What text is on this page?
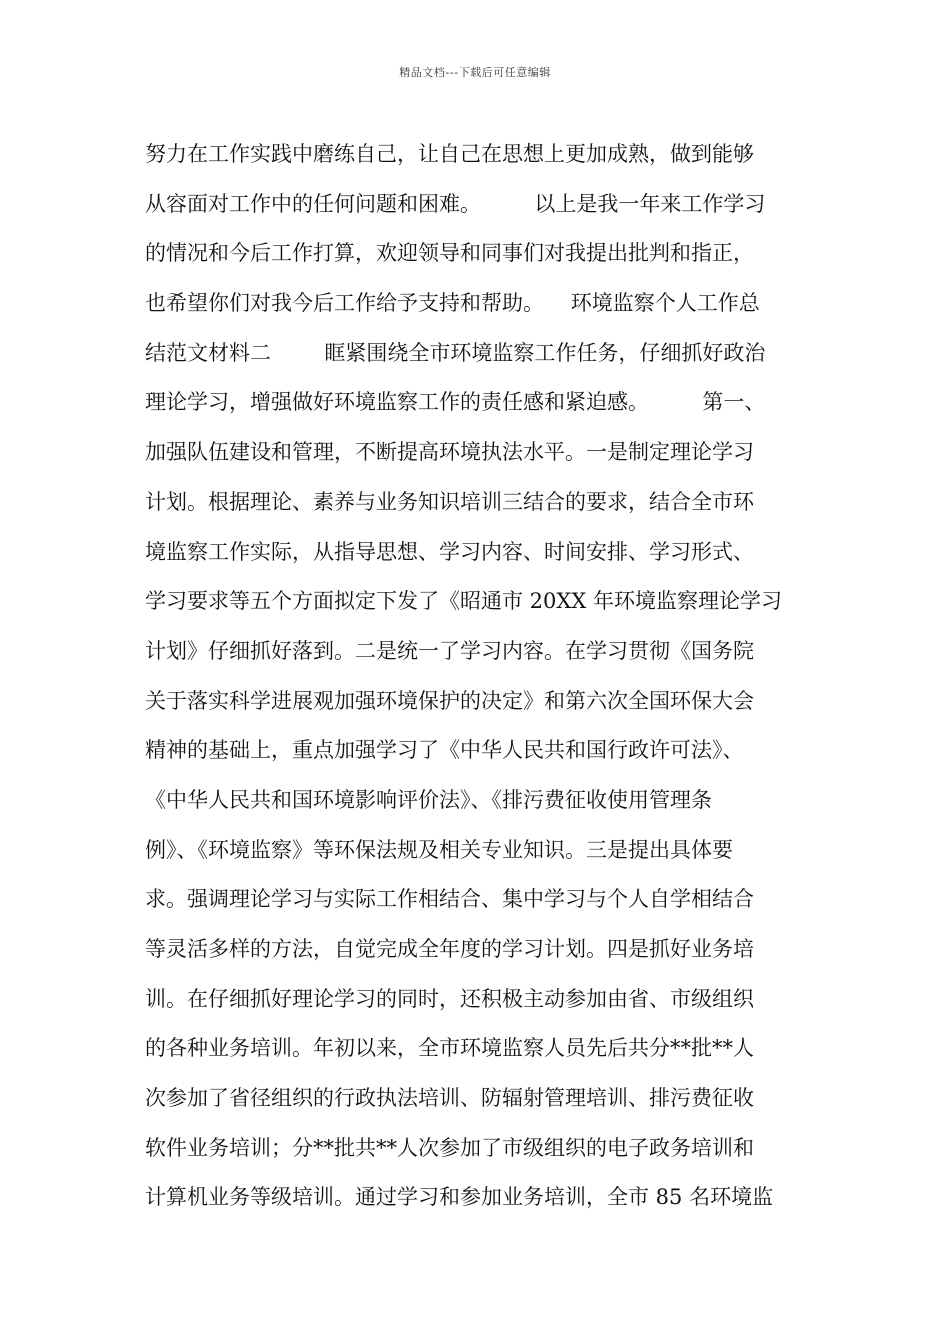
精品文档---下载后可任意编辑
努力在工作实践中磨练自己，让自己在思想上更加成熟，做到能够
从容面对工作中的任何问题和困难。        以上是我一年来工作学习
的情况和今后工作打算，欢迎领导和同事们对我提出批判和指正，
也希望你们对我今后工作给予支持和帮助。    环境监察个人工作总
结范文材料二        眶紧围绕全市环境监察工作任务，仔细抓好政治
理论学习，增强做好环境监察工作的责任感和紧迫感。        第一、
加强队伍建设和管理，不断提高环境执法水平。一是制定理论学习
计划。根据理论、素养与业务知识培训三结合的要求，结合全市环
境监察工作实际，从指导思想、学习内容、时间安排、学习形式、
学习要求等五个方面拟定下发了《昭通市 20XX 年环境监察理论学习
计划》仔细抓好落到。二是统一了学习内容。在学习贯彻《国务院
关于落实科学进展观加强环境保护的决定》和第六次全国环保大会
精神的基础上，重点加强学习了《中华人民共和国行政许可法》、
《中华人民共和国环境影响评价法》、《排污费征收使用管理条
例》、《环境监察》等环保法规及相关专业知识。三是提出具体要
求。强调理论学习与实际工作相结合、集中学习与个人自学相结合
等灵活多样的方法，自觉完成全年度的学习计划。四是抓好业务培
训。在仔细抓好理论学习的同时，还积极主动参加由省、市级组织
的各种业务培训。年初以来，全市环境监察人员先后共分**批**人
次参加了省径组织的行政执法培训、防辐射管理培训、排污费征收
软件业务培训；分**批共**人次参加了市级组织的电子政务培训和
计算机业务等级培训。通过学习和参加业务培训，全市 85 名环境监
